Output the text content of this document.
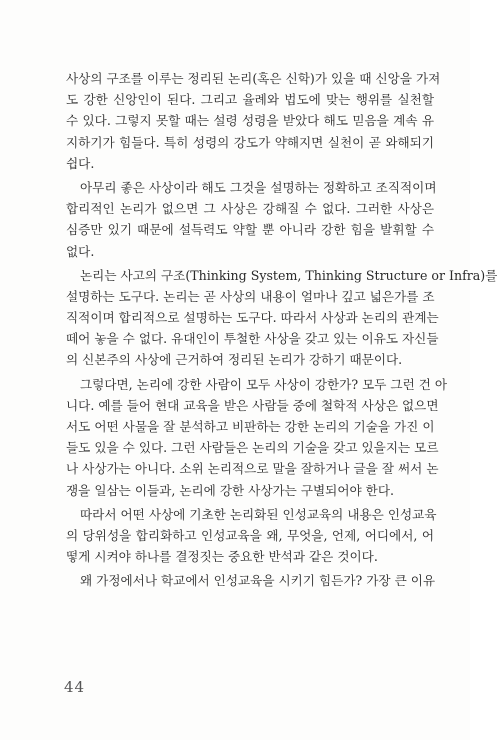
사상의 구조를 이루는 정리된 논리(혹은 신학)가 있을 때 신앙을 가져
도 강한 신앙인이 된다. 그리고 율례와 법도에 맞는 행위를 실천할
수 있다. 그렇지 못할 때는 설령 성령을 받았다 해도 믿음을 계속 유
지하기가 힘들다. 특히 성령의 강도가 약해지면 실천이 곧 와해되기
쉽다.
아무리 좋은 사상이라 해도 그것을 설명하는 정확하고 조직적이며
합리적인 논리가 없으면 그 사상은 강해질 수 없다. 그러한 사상은
심증만 있기 때문에 설득력도 약할 뿐 아니라 강한 힘을 발휘할 수
없다.
논리는 사고의 구조(Thinking System, Thinking Structure or Infra)를
설명하는 도구다. 논리는 곧 사상의 내용이 얼마나 깊고 넓은가를 조
직적이며 합리적으로 설명하는 도구다. 따라서 사상과 논리의 관계는
떼어 놓을 수 없다. 유대인이 투철한 사상을 갖고 있는 이유도 자신들
의 신본주의 사상에 근거하여 정리된 논리가 강하기 때문이다.
그렇다면, 논리에 강한 사람이 모두 사상이 강한가? 모두 그런 건 아
니다. 예를 들어 현대 교육을 받은 사람들 중에 철학적 사상은 없으면
서도 어떤 사물을 잘 분석하고 비판하는 강한 논리의 기술을 가진 이
들도 있을 수 있다. 그런 사람들은 논리의 기술을 갖고 있을지는 모르
나 사상가는 아니다. 소위 논리적으로 말을 잘하거나 글을 잘 써서 논
쟁을 일삼는 이들과, 논리에 강한 사상가는 구별되어야 한다.
따라서 어떤 사상에 기초한 논리화된 인성교육의 내용은 인성교육
의 당위성을 합리화하고 인성교육을 왜, 무엇을, 언제, 어디에서, 어
떻게 시켜야 하나를 결정짓는 중요한 반석과 같은 것이다.
왜 가정에서나 학교에서 인성교육을 시키기 힘든가? 가장 큰 이유
44
